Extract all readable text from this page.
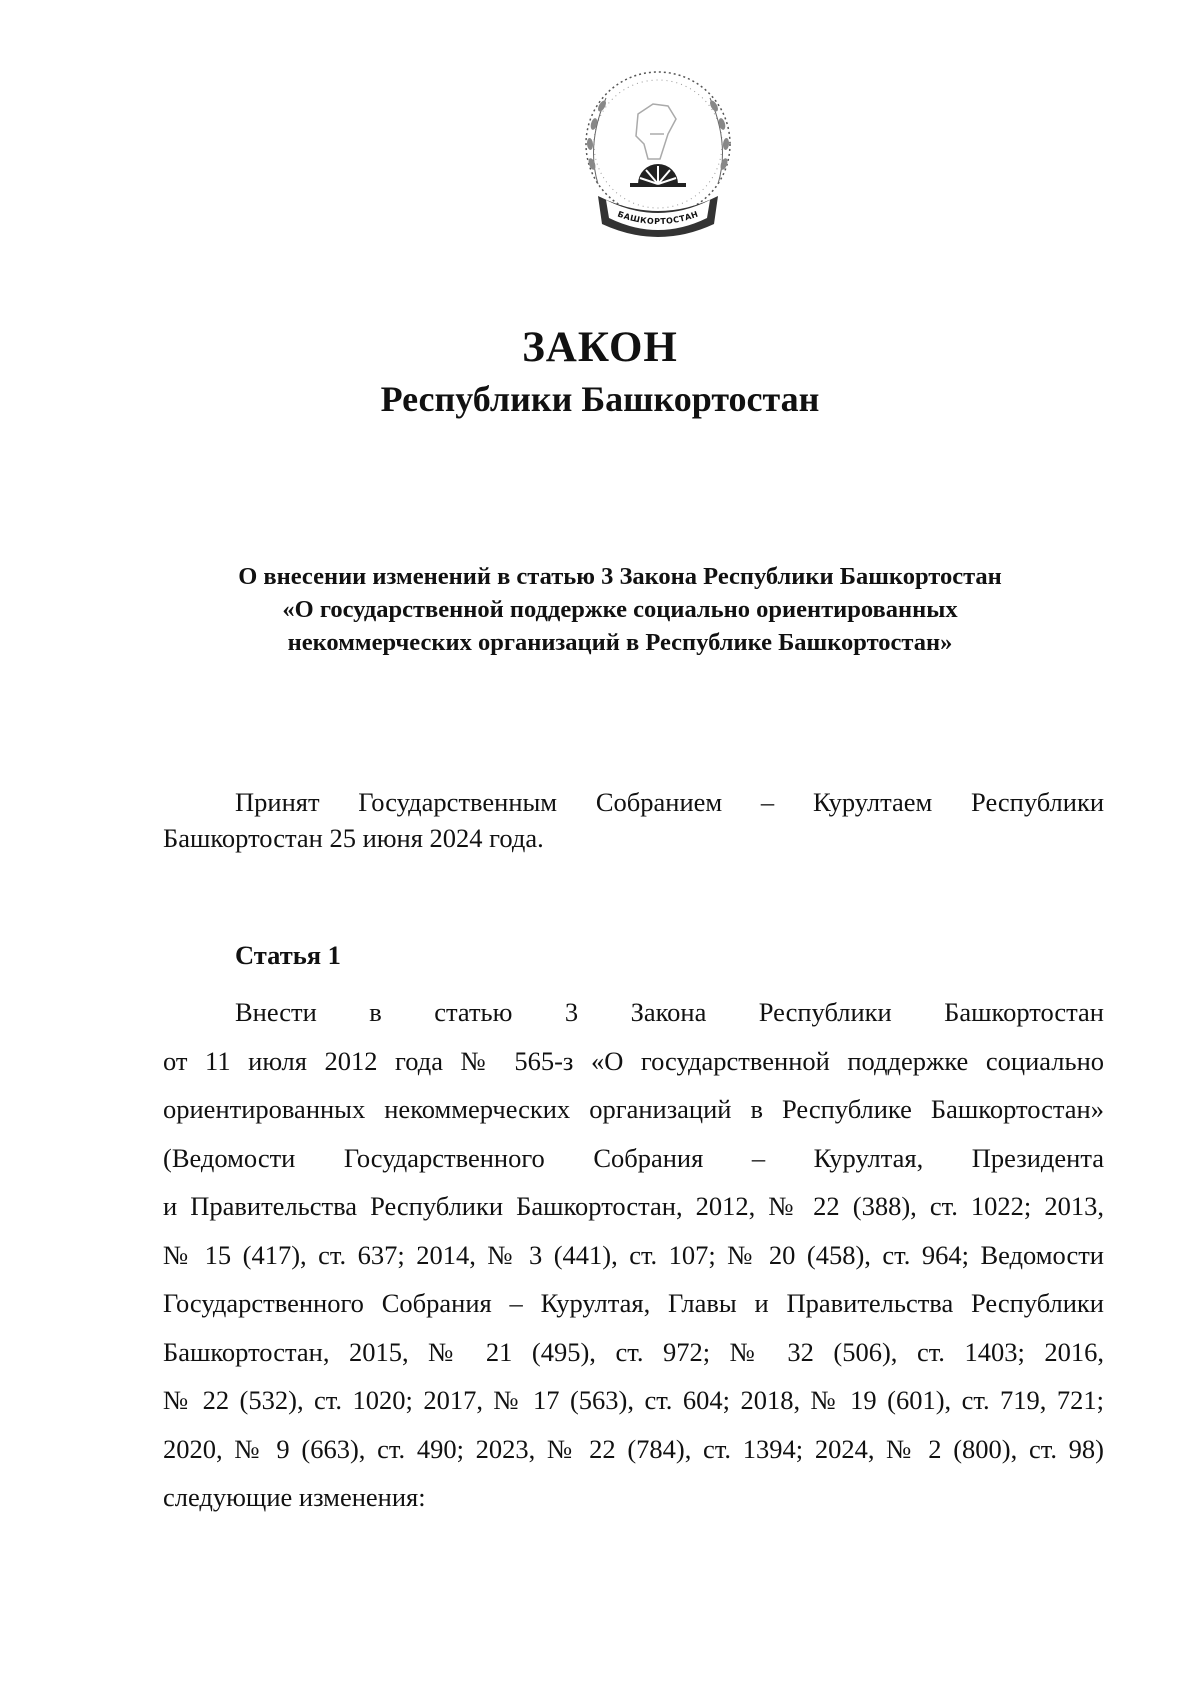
БАШКОРТОСТАН
ЗАКОН
Республики Башкортостан

О внесении изменений в статью 3 Закона Республики Башкортостан
«О государственной поддержке социально ориентированных
некоммерческих организаций в Республике Башкортостан»

Принят Государственным Собранием – Курултаем Республики
Башкортостан 25 июня 2024 года.

Статья 1

Внести в статью 3 Закона Республики Башкортостан
от 11 июля 2012 года № 565-з «О государственной поддержке социально
ориентированных некоммерческих организаций в Республике Башкортостан»
(Ведомости Государственного Собрания – Курултая, Президента
и Правительства Республики Башкортостан, 2012, № 22 (388), ст. 1022; 2013,
№ 15 (417), ст. 637; 2014, № 3 (441), ст. 107; № 20 (458), ст. 964; Ведомости
Государственного Собрания – Курултая, Главы и Правительства Республики
Башкортостан, 2015, № 21 (495), ст. 972; № 32 (506), ст. 1403; 2016,
№ 22 (532), ст. 1020; 2017, № 17 (563), ст. 604; 2018, № 19 (601), ст. 719, 721;
2020, № 9 (663), ст. 490; 2023, № 22 (784), ст. 1394; 2024, № 2 (800), ст. 98)
следующие изменения:
